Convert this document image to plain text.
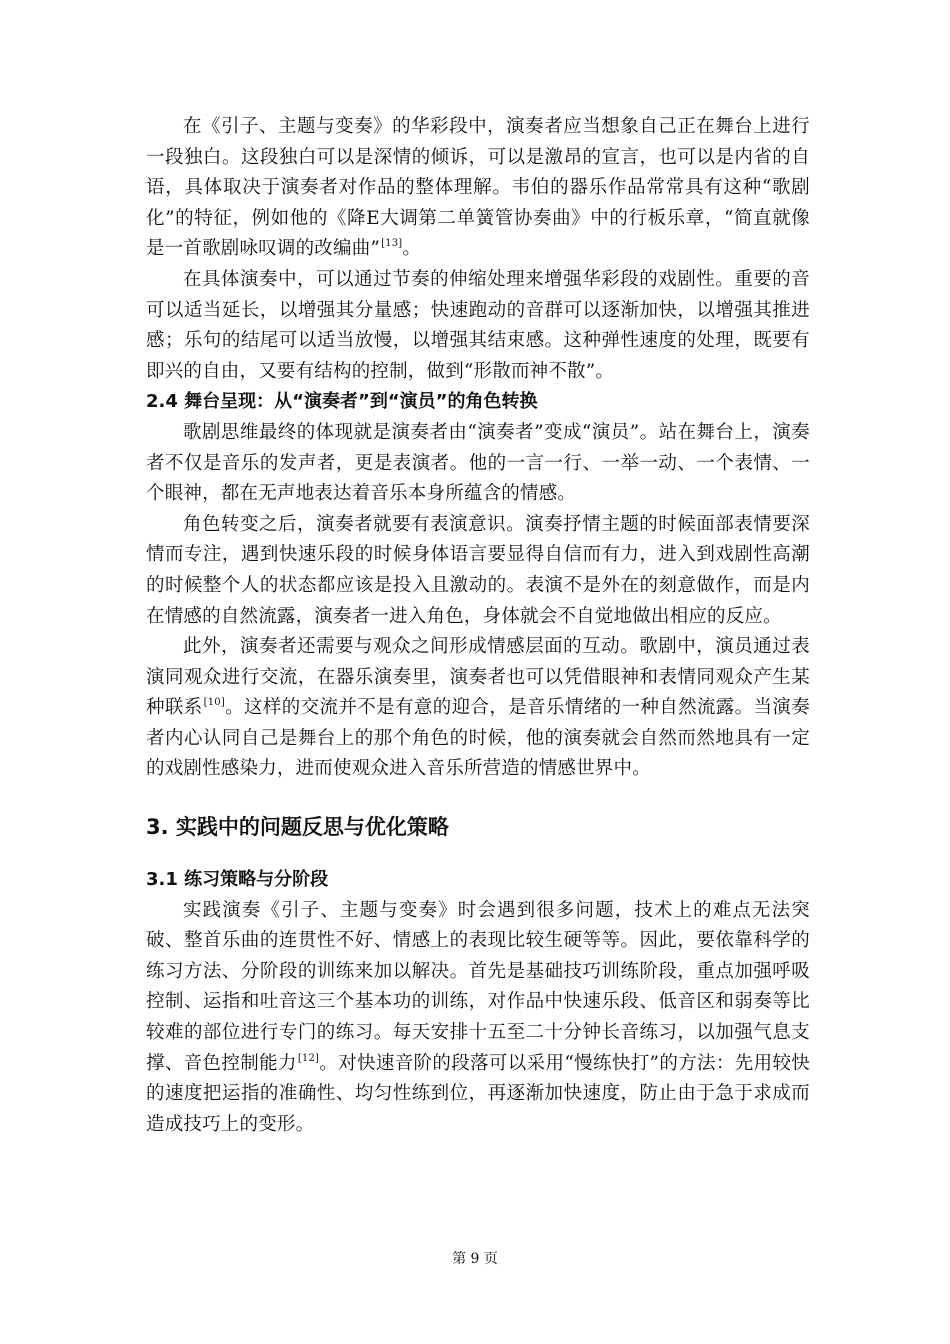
在《引子、主题与变奏》的华彩段中，演奏者应当想象自己正在舞台上进行一段独白。这段独白可以是深情的倾诉，可以是激昂的宣言，也可以是内省的自语，具体取决于演奏者对作品的整体理解。韦伯的器乐作品常常具有这种“歌剧化”的特征，例如他的《降E大调第二单簧管协奏曲》中的行板乐章，“简直就像是一首歌剧咏叹调的改编曲”[13]。

在具体演奏中，可以通过节奏的伸缩处理来增强华彩段的戏剧性。重要的音可以适当延长，以增强其分量感；快速跑动的音群可以逐渐加快，以增强其推进感；乐句的结尾可以适当放慢，以增强其结束感。这种弹性速度的处理，既要有即兴的自由，又要有结构的控制，做到“形散而神不散”。

2.4 舞台呈现：从“演奏者”到“演员”的角色转换

歌剧思维最终的体现就是演奏者由“演奏者”变成“演员”。站在舞台上，演奏者不仅是音乐的发声者，更是表演者。他的一言一行、一举一动、一个表情、一个眼神，都在无声地表达着音乐本身所蕴含的情感。

角色转变之后，演奏者就要有表演意识。演奏抒情主题的时候面部表情要深情而专注，遇到快速乐段的时候身体语言要显得自信而有力，进入到戏剧性高潮的时候整个人的状态都应该是投入且激动的。表演不是外在的刻意做作，而是内在情感的自然流露，演奏者一进入角色，身体就会不自觉地做出相应的反应。

此外，演奏者还需要与观众之间形成情感层面的互动。歌剧中，演员通过表演同观众进行交流，在器乐演奏里，演奏者也可以凭借眼神和表情同观众产生某种联系[10]。这样的交流并不是有意的迎合，是音乐情绪的一种自然流露。当演奏者内心认同自己是舞台上的那个角色的时候，他的演奏就会自然而然地具有一定的戏剧性感染力，进而使观众进入音乐所营造的情感世界中。

3. 实践中的问题反思与优化策略
3.1 练习策略与分阶段

实践演奏《引子、主题与变奏》时会遇到很多问题，技术上的难点无法突破、整首乐曲的连贯性不好、情感上的表现比较生硬等等。因此，要依靠科学的练习方法、分阶段的训练来加以解决。首先是基础技巧训练阶段，重点加强呼吸控制、运指和吐音这三个基本功的训练，对作品中快速乐段、低音区和弱奏等比较难的部位进行专门的练习。每天安排十五至二十分钟长音练习，以加强气息支撑、音色控制能力[12]。对快速音阶的段落可以采用“慢练快打”的方法：先用较快的速度把运指的准确性、均匀性练到位，再逐渐加快速度，防止由于急于求成而造成技巧上的变形。

第 9 页
